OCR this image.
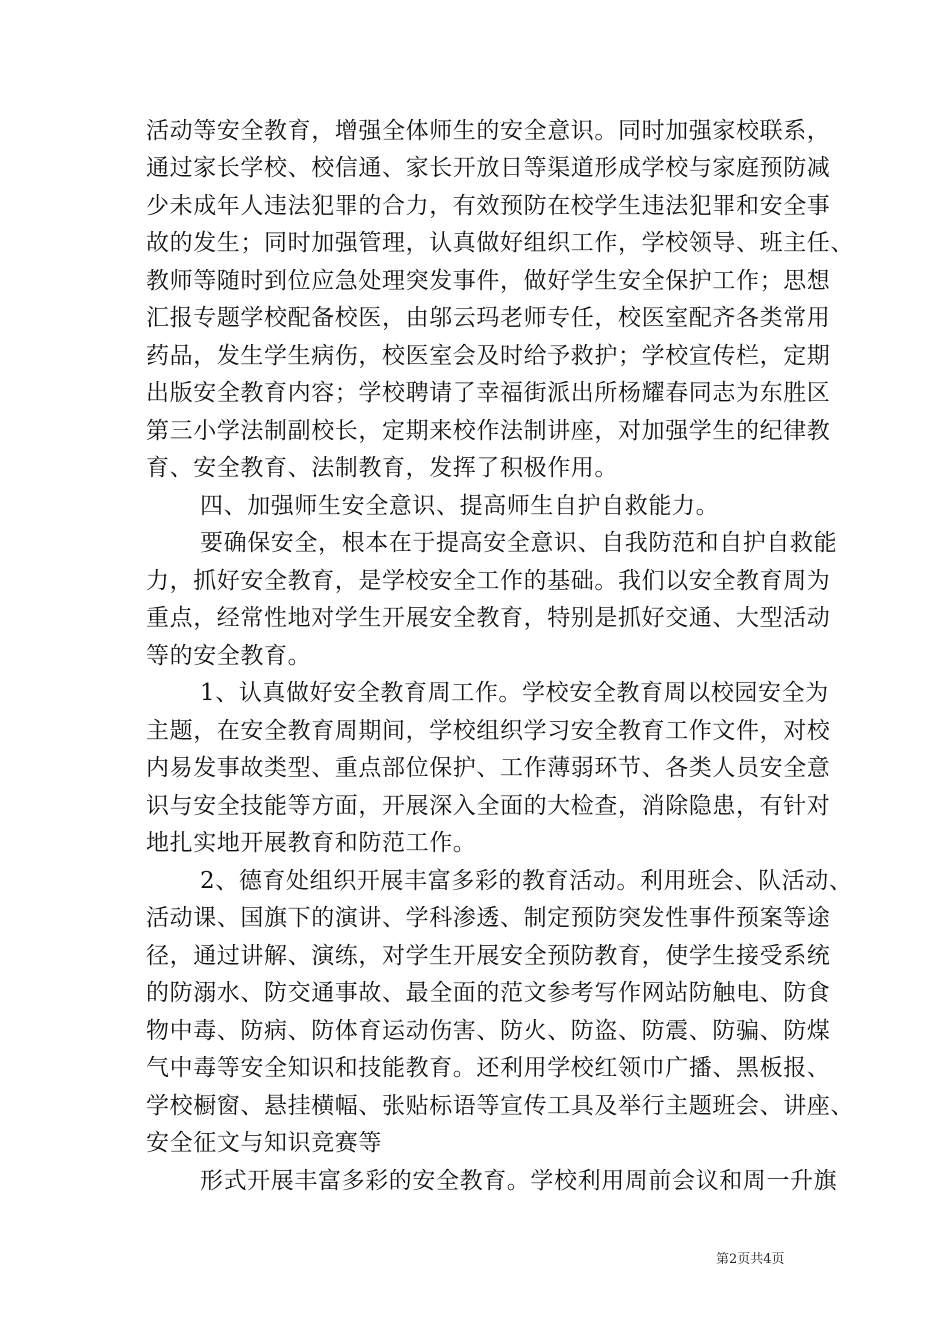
活动等安全教育，增强全体师生的安全意识。同时加强家校联系，
通过家长学校、校信通、家长开放日等渠道形成学校与家庭预防减
少未成年人违法犯罪的合力，有效预防在校学生违法犯罪和安全事
故的发生；同时加强管理，认真做好组织工作，学校领导、班主任、
教师等随时到位应急处理突发事件，做好学生安全保护工作；思想
汇报专题学校配备校医，由邬云玛老师专任，校医室配齐各类常用
药品，发生学生病伤，校医室会及时给予救护；学校宣传栏，定期
出版安全教育内容；学校聘请了幸福街派出所杨耀春同志为东胜区
第三小学法制副校长，定期来校作法制讲座，对加强学生的纪律教
育、安全教育、法制教育，发挥了积极作用。
四、加强师生安全意识、提高师生自护自救能力。
要确保安全，根本在于提高安全意识、自我防范和自护自救能
力，抓好安全教育，是学校安全工作的基础。我们以安全教育周为
重点，经常性地对学生开展安全教育，特别是抓好交通、大型活动
等的安全教育。
1、认真做好安全教育周工作。学校安全教育周以校园安全为
主题，在安全教育周期间，学校组织学习安全教育工作文件，对校
内易发事故类型、重点部位保护、工作薄弱环节、各类人员安全意
识与安全技能等方面，开展深入全面的大检查，消除隐患，有针对
地扎实地开展教育和防范工作。
2、德育处组织开展丰富多彩的教育活动。利用班会、队活动、
活动课、国旗下的演讲、学科渗透、制定预防突发性事件预案等途
径，通过讲解、演练，对学生开展安全预防教育，使学生接受系统
的防溺水、防交通事故、最全面的范文参考写作网站防触电、防食
物中毒、防病、防体育运动伤害、防火、防盗、防震、防骗、防煤
气中毒等安全知识和技能教育。还利用学校红领巾广播、黑板报、
学校橱窗、悬挂横幅、张贴标语等宣传工具及举行主题班会、讲座、
安全征文与知识竞赛等
形式开展丰富多彩的安全教育。学校利用周前会议和周一升旗
第2页共4页
